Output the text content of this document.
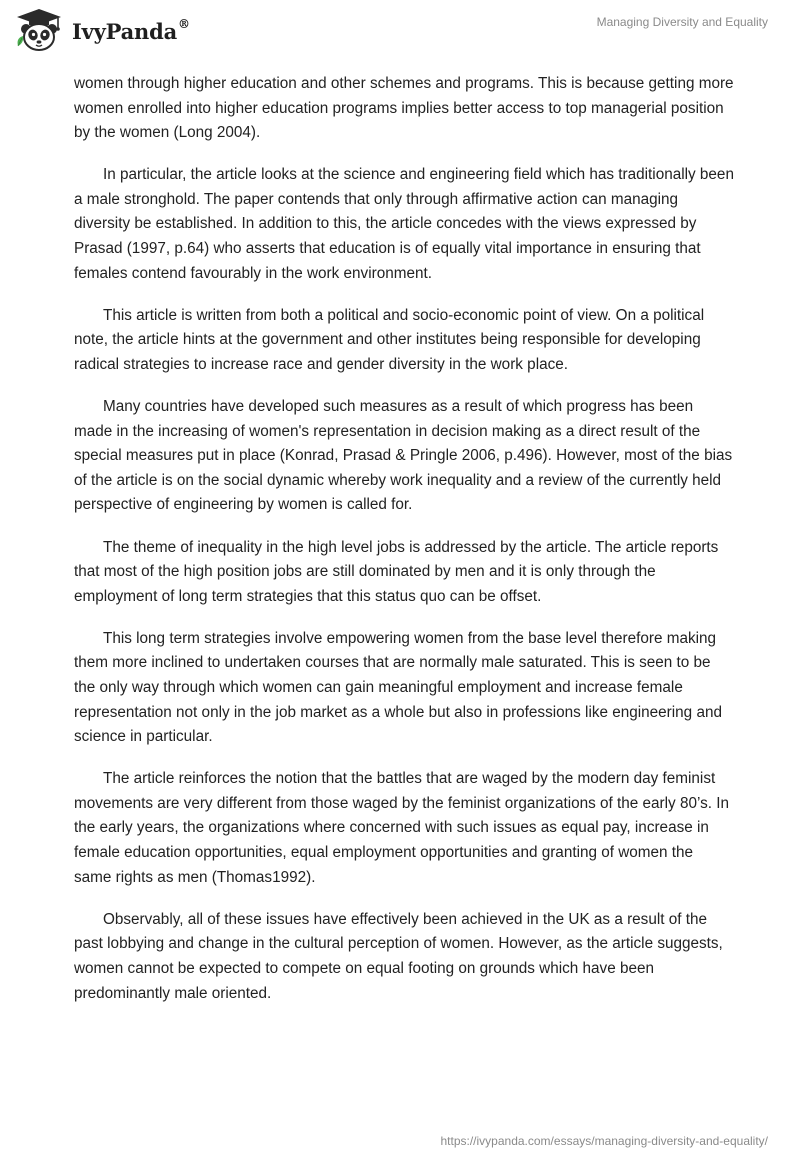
IvyPanda®	Managing Diversity and Equality

women through higher education and other schemes and programs. This is because getting more women enrolled into higher education programs implies better access to top managerial position by the women (Long 2004).

In particular, the article looks at the science and engineering field which has traditionally been a male stronghold. The paper contends that only through affirmative action can managing diversity be established. In addition to this, the article concedes with the views expressed by Prasad (1997, p.64) who asserts that education is of equally vital importance in ensuring that females contend favourably in the work environment.

This article is written from both a political and socio-economic point of view. On a political note, the article hints at the government and other institutes being responsible for developing radical strategies to increase race and gender diversity in the work place.

Many countries have developed such measures as a result of which progress has been made in the increasing of women's representation in decision making as a direct result of the special measures put in place (Konrad, Prasad & Pringle 2006, p.496). However, most of the bias of the article is on the social dynamic whereby work inequality and a review of the currently held perspective of engineering by women is called for.

The theme of inequality in the high level jobs is addressed by the article. The article reports that most of the high position jobs are still dominated by men and it is only through the employment of long term strategies that this status quo can be offset.

This long term strategies involve empowering women from the base level therefore making them more inclined to undertaken courses that are normally male saturated. This is seen to be the only way through which women can gain meaningful employment and increase female representation not only in the job market as a whole but also in professions like engineering and science in particular.

The article reinforces the notion that the battles that are waged by the modern day feminist movements are very different from those waged by the feminist organizations of the early 80’s. In the early years, the organizations where concerned with such issues as equal pay, increase in female education opportunities, equal employment opportunities and granting of women the same rights as men (Thomas1992).

Observably, all of these issues have effectively been achieved in the UK as a result of the past lobbying and change in the cultural perception of women. However, as the article suggests, women cannot be expected to compete on equal footing on grounds which have been predominantly male oriented.

https://ivypanda.com/essays/managing-diversity-and-equality/
